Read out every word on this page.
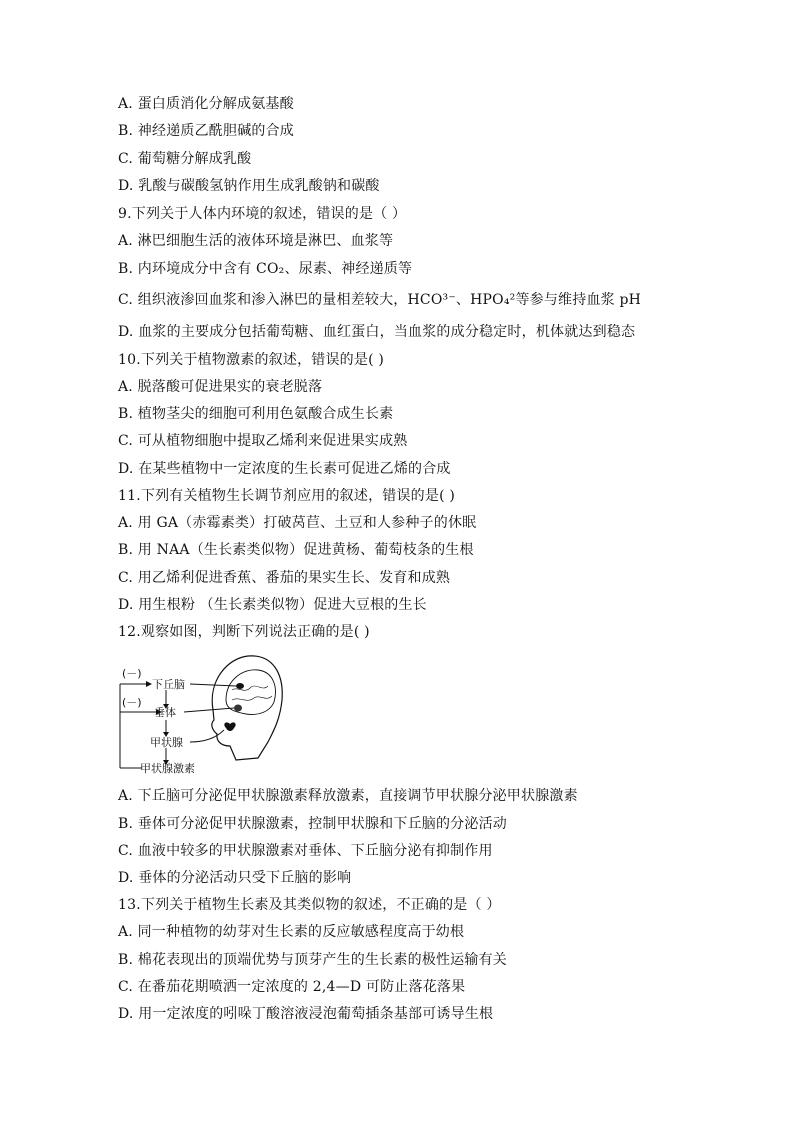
A. 蛋白质消化分解成氨基酸
B. 神经递质乙酰胆碱的合成
C. 葡萄糖分解成乳酸
D. 乳酸与碳酸氢钠作用生成乳酸钠和碳酸
9.下列关于人体内环境的叙述，错误的是（ ）
A. 淋巴细胞生活的液体环境是淋巴、血浆等
B. 内环境成分中含有 CO₂、尿素、神经递质等
C. 组织液渗回血浆和渗入淋巴的量相差较大，HCO³⁻、HPO₄²等参与维持血浆 pH
D. 血浆的主要成分包括葡萄糖、血红蛋白，当血浆的成分稳定时，机体就达到稳态
10.下列关于植物激素的叙述，错误的是( )
A. 脱落酸可促进果实的衰老脱落
B. 植物茎尖的细胞可利用色氨酸合成生长素
C. 可从植物细胞中提取乙烯利来促进果实成熟
D. 在某些植物中一定浓度的生长素可促进乙烯的合成
11.下列有关植物生长调节剂应用的叙述，错误的是( )
A. 用 GA（赤霉素类）打破莴苣、土豆和人参种子的休眠
B. 用 NAA（生长素类似物）促进黄杨、葡萄枝条的生根
C. 用乙烯利促进香蕉、番茄的果实生长、发育和成熟
D. 用生根粉 （生长素类似物）促进大豆根的生长
12.观察如图，判断下列说法正确的是( )
(－)
(－)
下丘脑
垂体
甲状腺
甲状腺激素
A. 下丘脑可分泌促甲状腺激素释放激素，直接调节甲状腺分泌甲状腺激素
B. 垂体可分泌促甲状腺激素，控制甲状腺和下丘脑的分泌活动
C. 血液中较多的甲状腺激素对垂体、下丘脑分泌有抑制作用
D. 垂体的分泌活动只受下丘脑的影响
13.下列关于植物生长素及其类似物的叙述，不正确的是（ ）
A. 同一种植物的幼芽对生长素的反应敏感程度高于幼根
B. 棉花表现出的顶端优势与顶芽产生的生长素的极性运输有关
C. 在番茄花期喷洒一定浓度的 2,4—D 可防止落花落果
D. 用一定浓度的吲哚丁酸溶液浸泡葡萄插条基部可诱导生根
